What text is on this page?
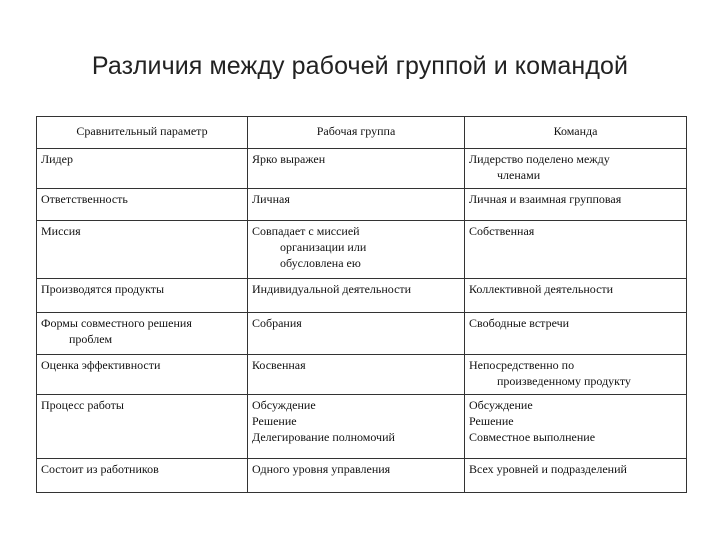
Различия между рабочей группой и командой
Сравнительный параметр	Рабочая группа	Команда

Лидер	Ярко выражен	Лидерство поделено между
членами

Ответственность	Личная	Личная и взаимная групповая

Миссия	Совпадает с миссией
организации или
обусловлена ею	Собственная

Производятся продукты	Индивидуальной деятельности	Коллективной деятельности

Формы совместного решения
проблем	Собрания	Свободные встречи

Оценка эффективности	Косвенная	Непосредственно по
произведенному продукту

Процесс работы	Обсуждение
Решение
Делегирование полномочий	Обсуждение
Решение
Совместное выполнение

Состоит из работников	Одного уровня управления	Всех уровней и подразделений
